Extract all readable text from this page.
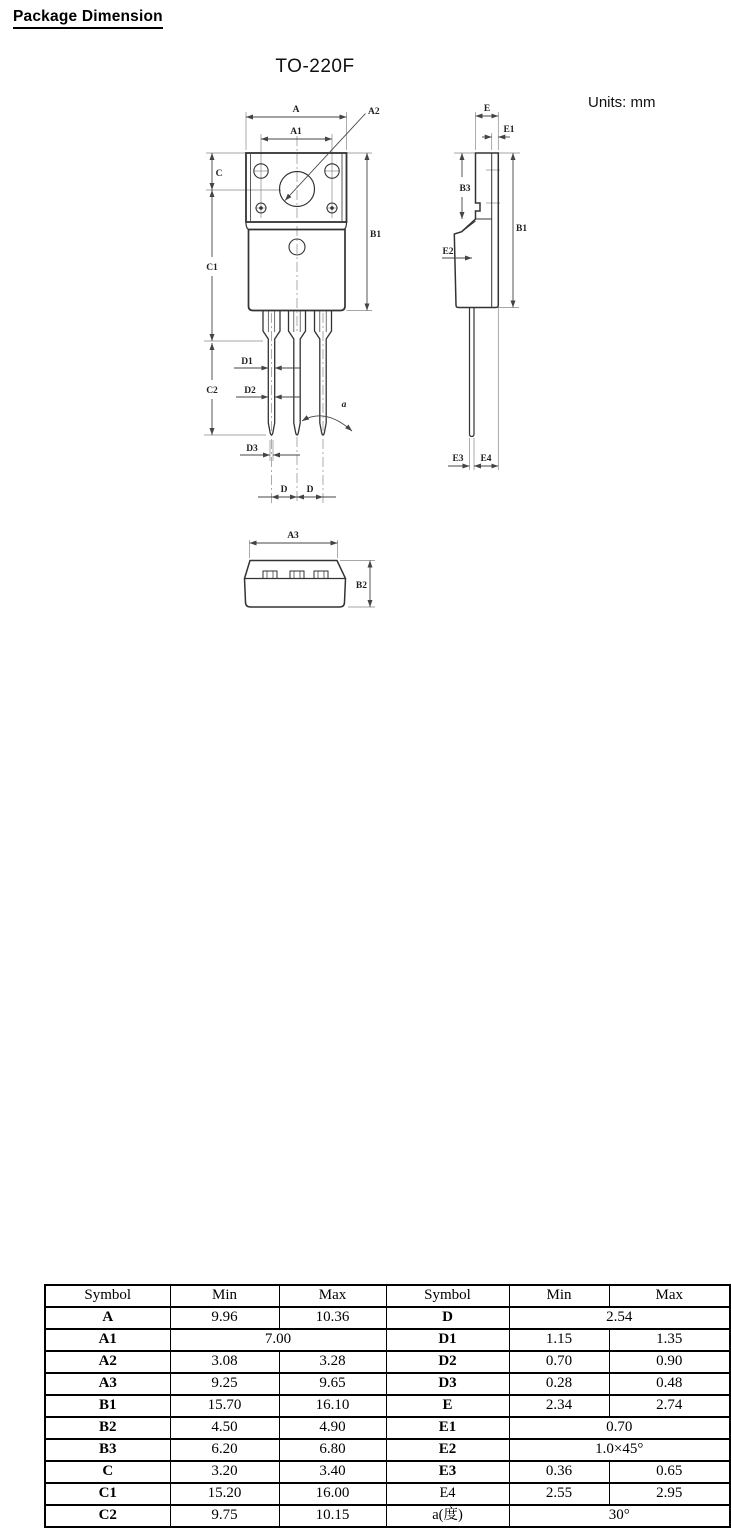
Package Dimension
TO-220F
Units: mm
A
A1
A2
C
C1
C2
B1
D1
D2
D3
D D
a
E
E1
B3
B1
E2
E3 E4
A3
B2
Symbol	Min	Max	Symbol	Min	Max
A	9.96	10.36	D	2.54	
A1	7.00		D1	1.15	1.35
A2	3.08	3.28	D2	0.70	0.90
A3	9.25	9.65	D3	0.28	0.48
B1	15.70	16.10	E	2.34	2.74
B2	4.50	4.90	E1	0.70	
B3	6.20	6.80	E2	1.0×45°	
C	3.20	3.40	E3	0.36	0.65
C1	15.20	16.00	E4	2.55	2.95
C2	9.75	10.15	a(度)	30°	
